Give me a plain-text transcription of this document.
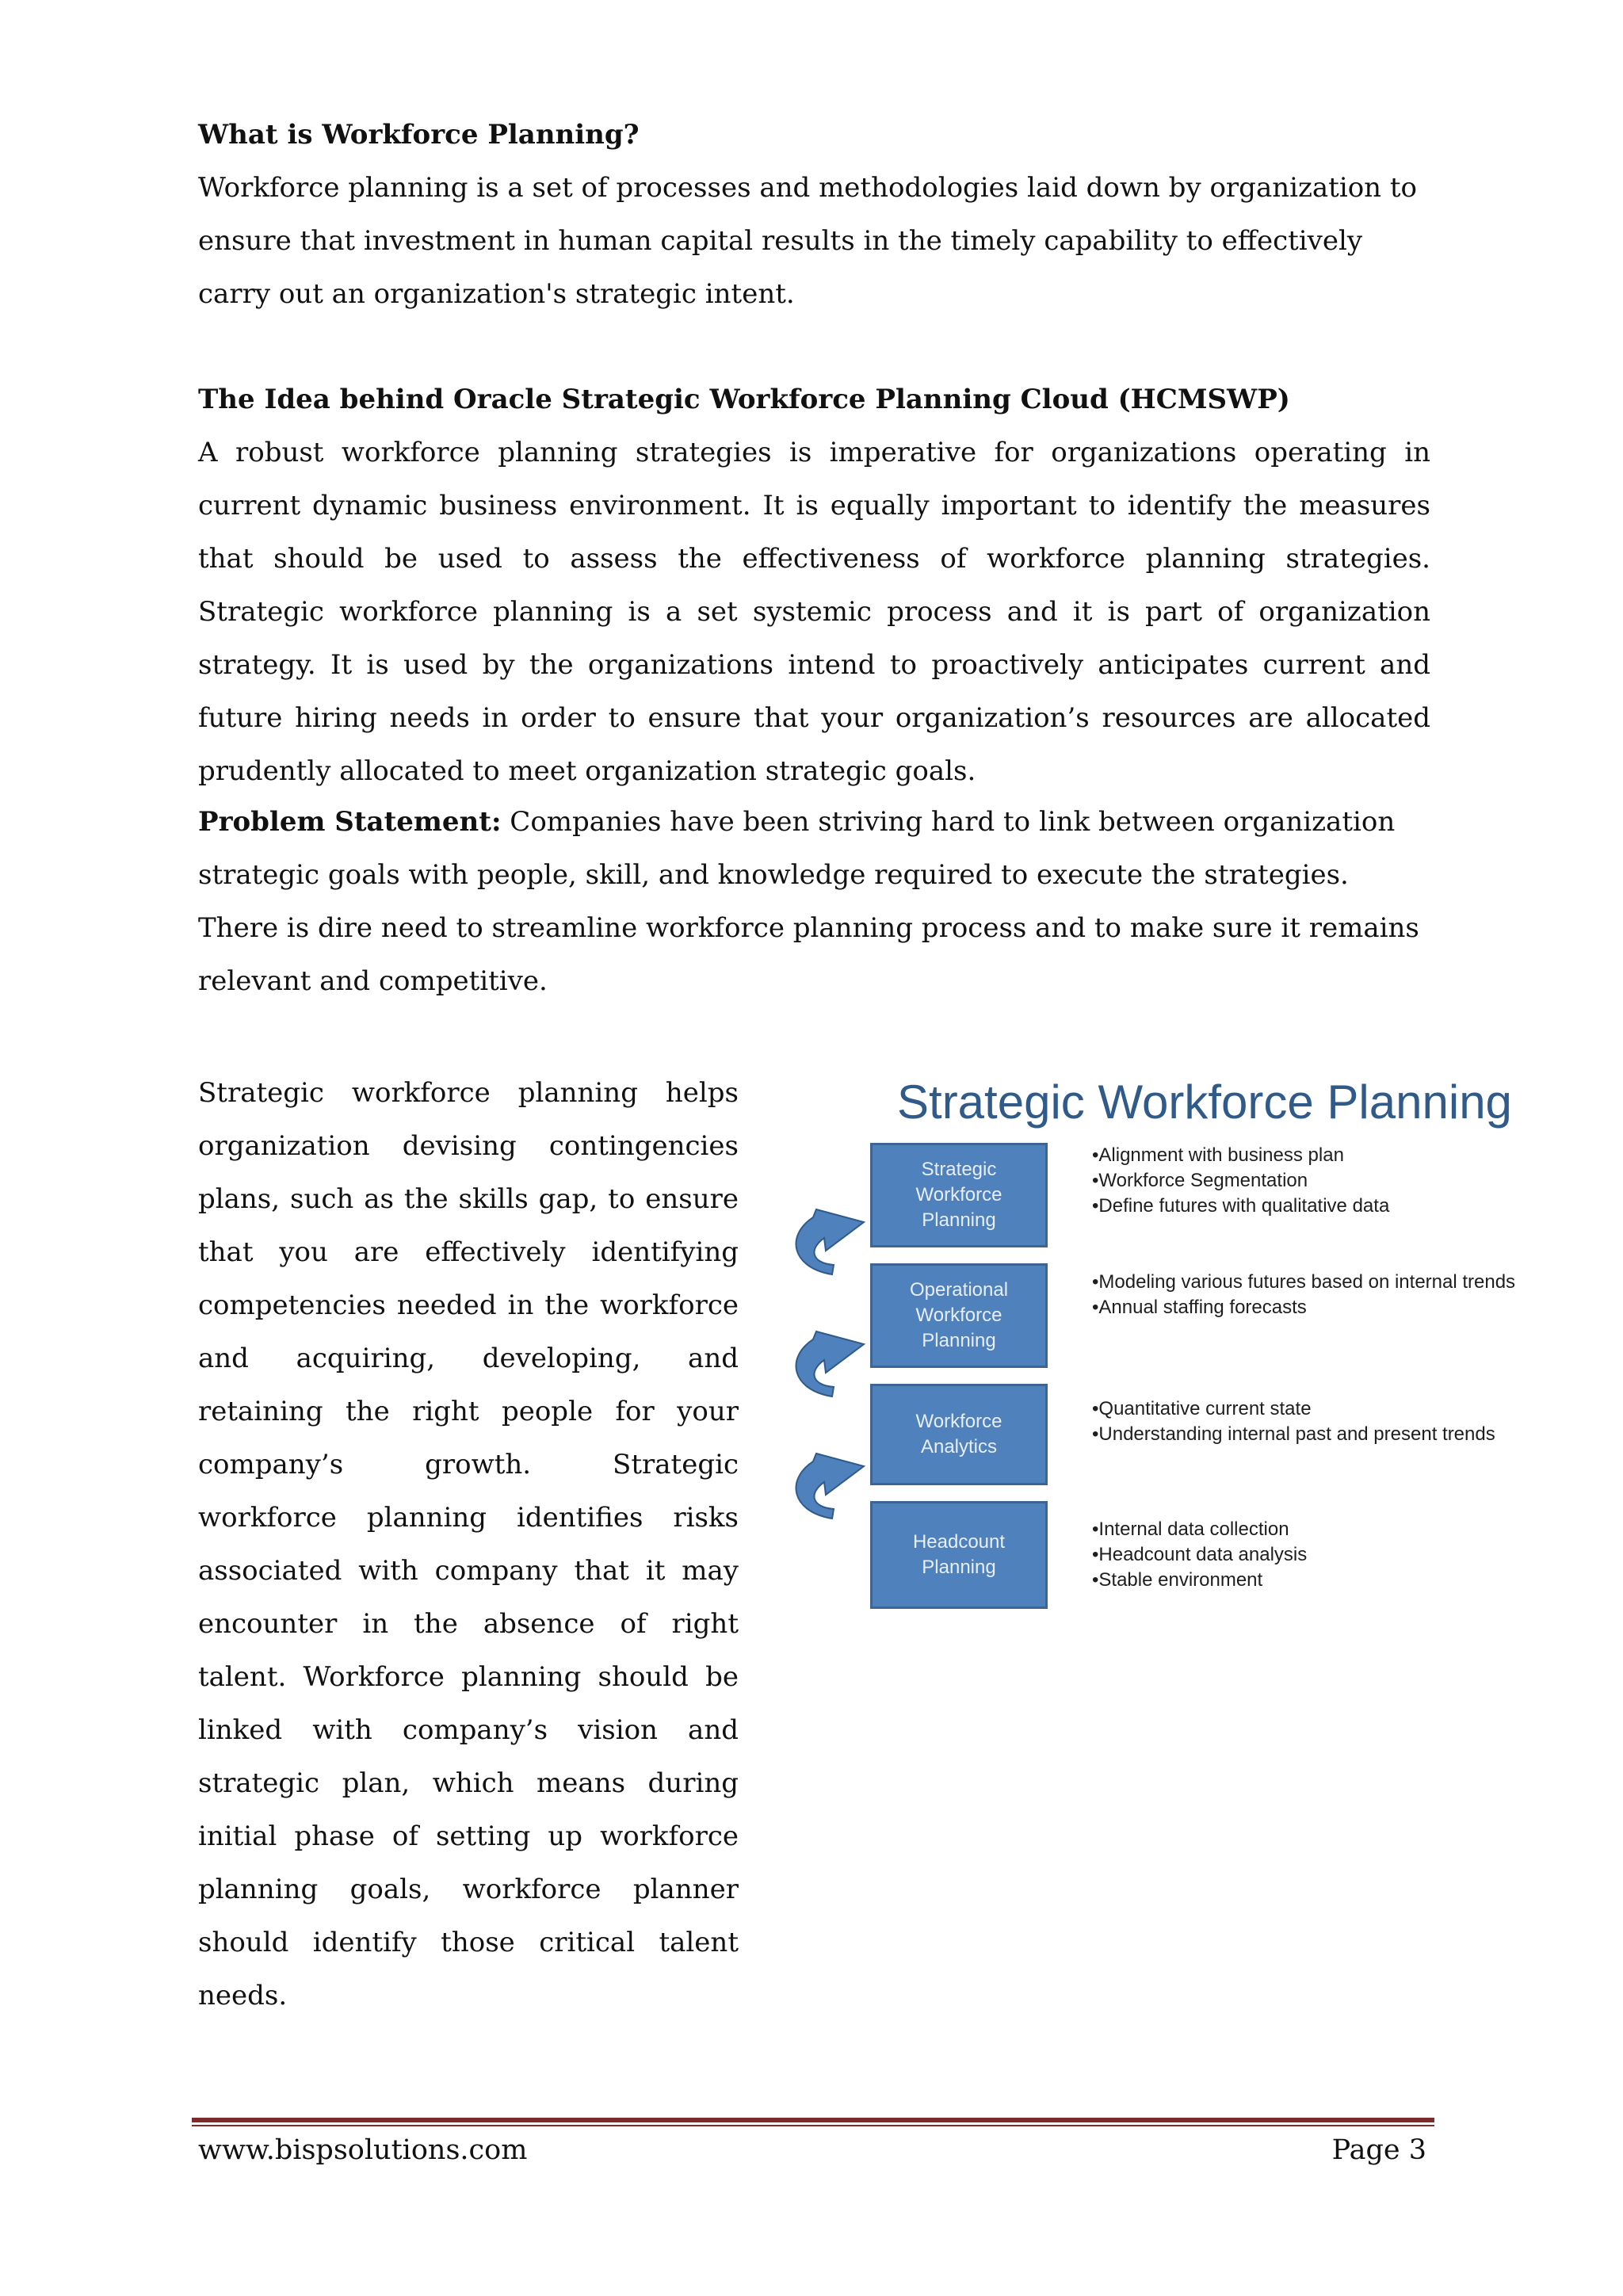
What is Workforce Planning?

Workforce planning is a set of processes and methodologies laid down by organization to ensure that investment in human capital results in the timely capability to effectively carry out an organization's strategic intent.

The Idea behind Oracle Strategic Workforce Planning Cloud (HCMSWP)

A robust workforce planning strategies is imperative for organizations operating in current dynamic business environment. It is equally important to identify the measures that should be used to assess the effectiveness of workforce planning strategies. Strategic workforce planning is a set systemic process and it is part of organization strategy. It is used by the organizations intend to proactively anticipates current and future hiring needs in order to ensure that your organization’s resources are allocated prudently allocated to meet organization strategic goals.

Problem Statement: Companies have been striving hard to link between organization strategic goals with people, skill, and knowledge required to execute the strategies. There is dire need to streamline workforce planning process and to make sure it remains relevant and competitive.

Strategic workforce planning helps organization devising contingencies plans, such as the skills gap, to ensure that you are effectively identifying competencies needed in the workforce and acquiring, developing, and retaining the right people for your company’s growth. Strategic workforce planning identifies risks associated with company that it may encounter in the absence of right talent. Workforce planning should be linked with company’s vision and strategic plan, which means during initial phase of setting up workforce planning goals, workforce planner should identify those critical talent needs.

Strategic Workforce Planning
Strategic Workforce Planning
Operational Workforce Planning
Workforce Analytics
Headcount Planning
• Alignment with business plan
• Workforce Segmentation
• Define futures with qualitative data
• Modeling various futures based on internal trends
• Annual staffing forecasts
• Quantitative current state
• Understanding internal past and present trends
• Internal data collection
• Headcount data analysis
• Stable environment
www.bispsolutions.com	Page 3
